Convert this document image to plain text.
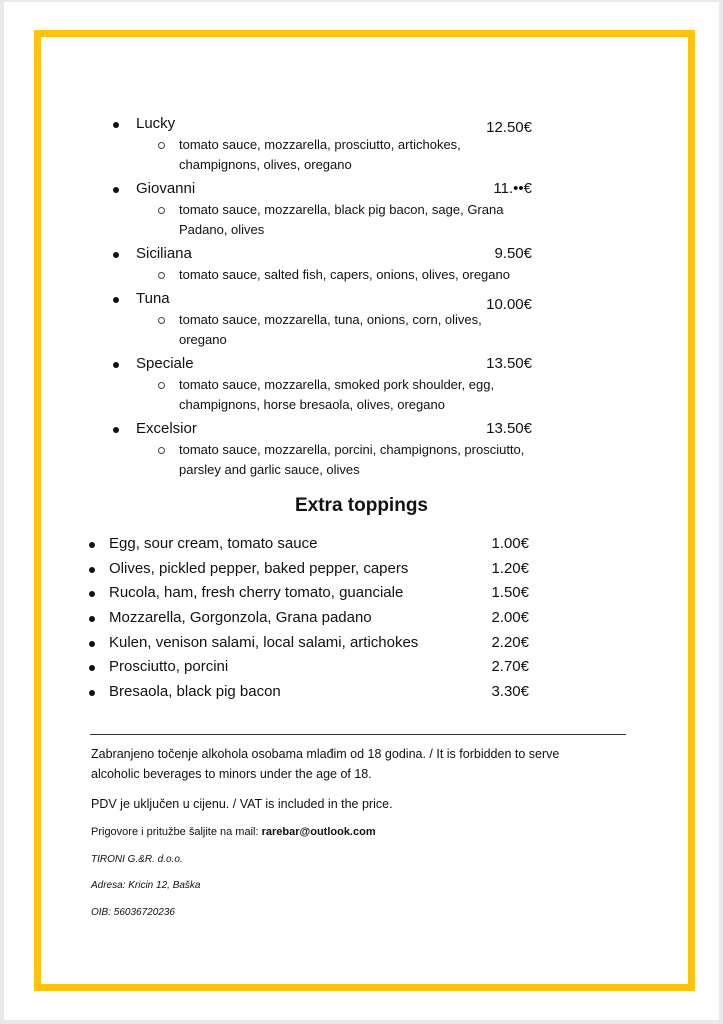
Lucky	12.50€
tomato sauce, mozzarella, prosciutto, artichokes, champignons, olives, oregano
Giovanni	11.••€
tomato sauce, mozzarella, black pig bacon, sage, Grana Padano, olives
Siciliana	9.50€
tomato sauce, salted fish, capers, onions, olives, oregano
Tuna	10.00€
tomato sauce, mozzarella, tuna, onions, corn, olives, oregano
Speciale	13.50€
tomato sauce, mozzarella, smoked pork shoulder, egg, champignons, horse bresaola, olives, oregano
Excelsior	13.50€
tomato sauce, mozzarella, porcini, champignons, prosciutto, parsley and garlic sauce, olives
Extra toppings
Egg, sour cream, tomato sauce	1.00€
Olives, pickled pepper, baked pepper, capers	1.20€
Rucola, ham, fresh cherry tomato, guanciale	1.50€
Mozzarella, Gorgonzola, Grana padano	2.00€
Kulen, venison salami, local salami, artichokes	2.20€
Prosciutto, porcini	2.70€
Bresaola, black pig bacon	3.30€
Zabranjeno točenje alkohola osobama mlađim od 18 godina. / It is forbidden to serve alcoholic beverages to minors under the age of 18.
PDV je uključen u cijenu. / VAT is included in the price.
Prigovore i pritužbe šaljite na mail: rarebar@outlook.com
TIRONI G.&R. d.o.o.
Adresa: Kricin 12, Baška
OIB: 56036720236
